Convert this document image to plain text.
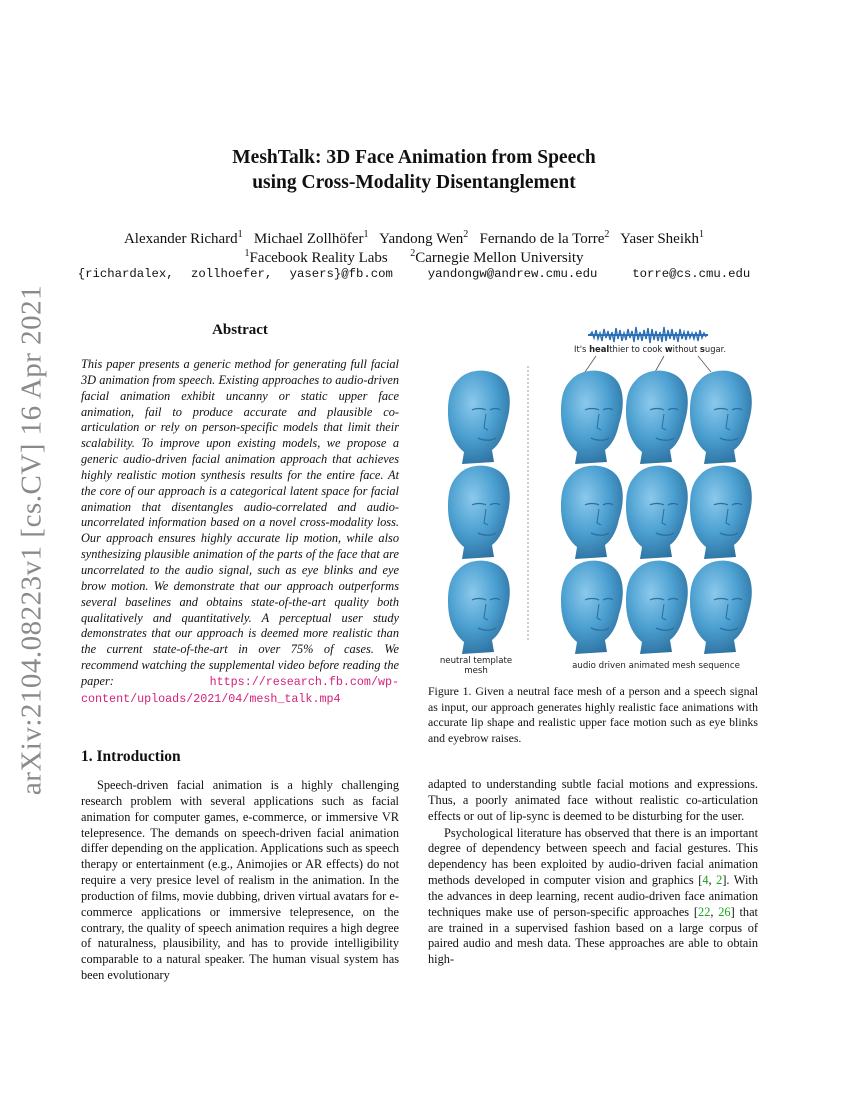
arXiv:2104.08223v1 [cs.CV] 16 Apr 2021
MeshTalk: 3D Face Animation from Speech
using Cross-Modality Disentanglement
Alexander Richard$^1$ Michael Zollhöfer$^1$ Yandong Wen$^2$ Fernando de la Torre$^2$ Yaser Sheikh$^1$
$^1$Facebook Reality Labs $^2$Carnegie Mellon University
{richardalex, zollhoefer, yasers}@fb.com	yandongw@andrew.cmu.edu	torre@cs.cmu.edu
Abstract
This paper presents a generic method for generating full facial 3D animation from speech. Existing approaches to audio-driven facial animation exhibit uncanny or static upper face animation, fail to produce accurate and plausible co-articulation or rely on person-specific models that limit their scalability. To improve upon existing models, we propose a generic audio-driven facial animation approach that achieves highly realistic motion synthesis results for the entire face. At the core of our approach is a categorical latent space for facial animation that disentangles audio-correlated and audio-uncorrelated information based on a novel cross-modality loss. Our approach ensures highly accurate lip motion, while also synthesizing plausible animation of the parts of the face that are uncorrelated to the audio signal, such as eye blinks and eye brow motion. We demonstrate that our approach outperforms several baselines and obtains state-of-the-art quality both qualitatively and quantitatively. A perceptual user study demonstrates that our approach is deemed more realistic than the current state-of-the-art in over 75% of cases. We recommend watching the supplemental video before reading the paper:	https://research.fb.com/wp-content/uploads/2021/04/mesh_talk.mp4
1. Introduction
Speech-driven facial animation is a highly challenging research problem with several applications such as facial animation for computer games, e-commerce, or immersive VR telepresence. The demands on speech-driven facial animation differ depending on the application. Applications such as speech therapy or entertainment (e.g., Animojies or AR effects) do not require a very presice level of realism in the animation. In the production of films, movie dubbing, driven virtual avatars for e-commerce applications or immersive telepresence, on the contrary, the quality of speech animation requires a high degree of naturalness, plausibility, and has to provide intelligibility comparable to a natural speaker. The human visual system has been evolutionary
It's healthier to cook without sugar.
neutral template
mesh	audio driven animated mesh sequence
Figure 1. Given a neutral face mesh of a person and a speech signal as input, our approach generates highly realistic face animations with accurate lip shape and realistic upper face motion such as eye blinks and eyebrow raises.

adapted to understanding subtle facial motions and expressions. Thus, a poorly animated face without realistic co-articulation effects or out of lip-sync is deemed to be disturbing for the user.

Psychological literature has observed that there is an important degree of dependency between speech and facial gestures. This dependency has been exploited by audio-driven facial animation methods developed in computer vision and graphics [4, 2]. With the advances in deep learning, recent audio-driven face animation techniques make use of person-specific approaches [22, 26] that are trained in a supervised fashion based on a large corpus of paired audio and mesh data. These approaches are able to obtain high-
